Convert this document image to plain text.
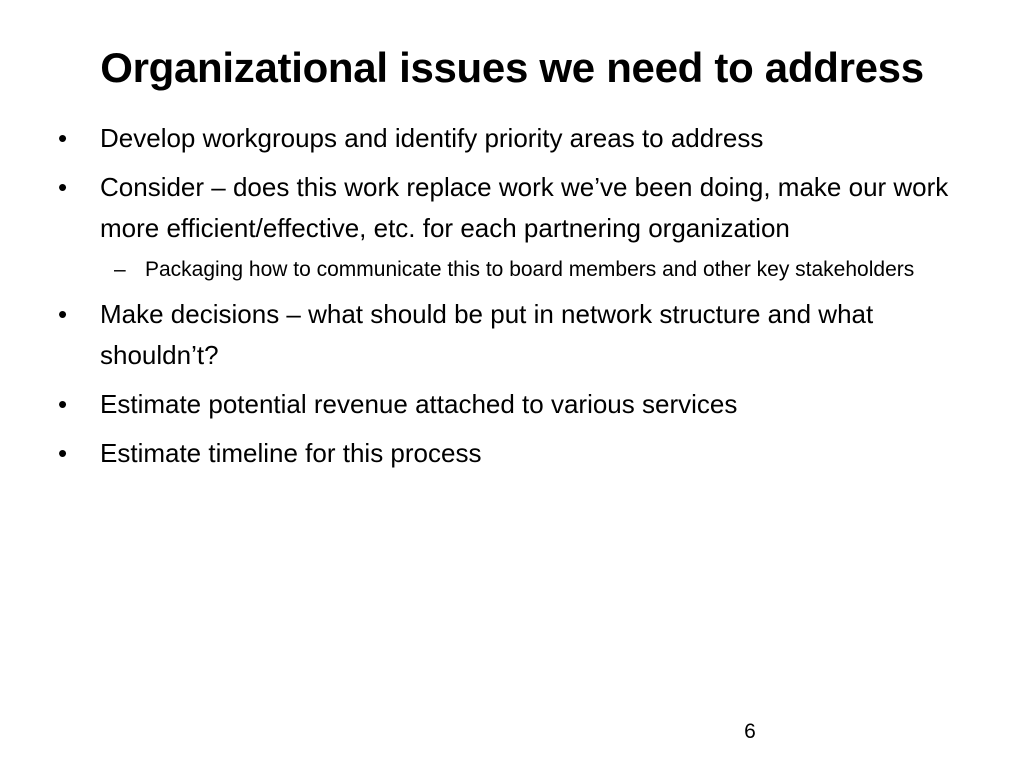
Organizational issues we need to address
•	Develop workgroups and identify priority areas to address
•	Consider – does this work replace work we’ve been doing, make our work more efficient/effective, etc. for each partnering organization
– Packaging how to communicate this to board members and other key stakeholders
•	Make decisions – what should be put in network structure and what shouldn’t?
•	Estimate potential revenue attached to various services
•	Estimate timeline for this process
6
